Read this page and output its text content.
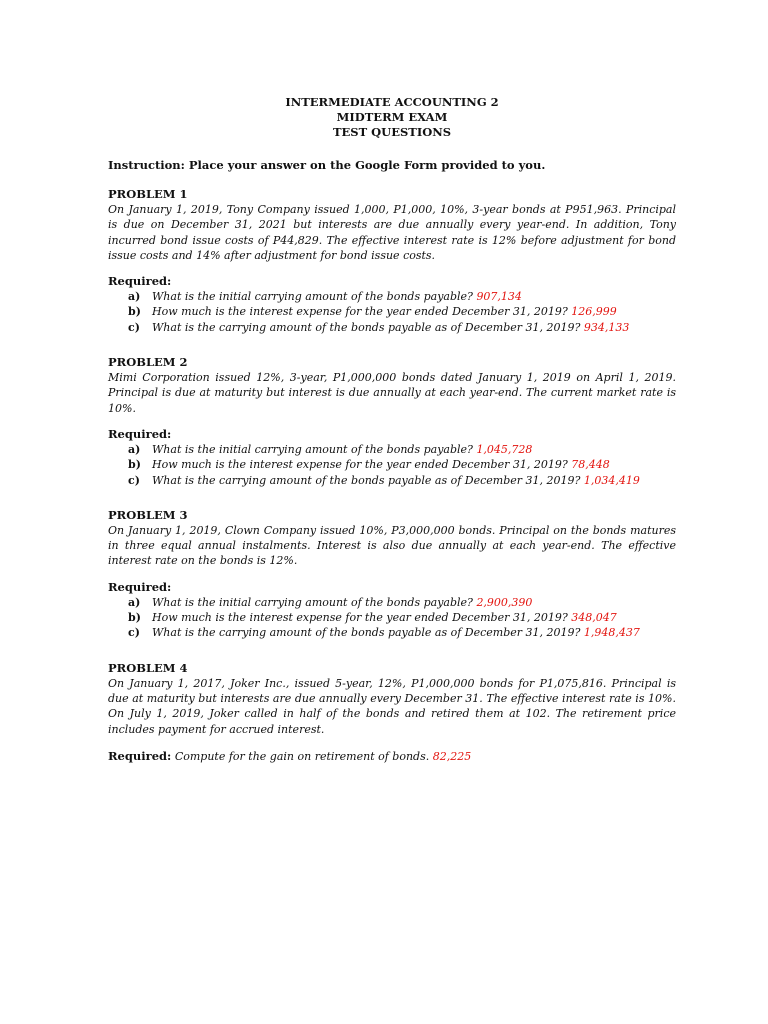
INTERMEDIATE ACCOUNTING 2
MIDTERM EXAM
TEST QUESTIONS
Instruction: Place your answer on the Google Form provided to you.
PROBLEM 1
On January 1, 2019, Tony Company issued 1,000, P1,000, 10%, 3-year bonds at P951,963. Principal is due on December 31, 2021 but interests are due annually every year-end. In addition, Tony incurred bond issue costs of P44,829. The effective interest rate is 12% before adjustment for bond issue costs and 14% after adjustment for bond issue costs.
Required:
a) What is the initial carrying amount of the bonds payable? 907,134
b) How much is the interest expense for the year ended December 31, 2019? 126,999
c) What is the carrying amount of the bonds payable as of December 31, 2019? 934,133
PROBLEM 2
Mimi Corporation issued 12%, 3-year, P1,000,000 bonds dated January 1, 2019 on April 1, 2019. Principal is due at maturity but interest is due annually at each year-end. The current market rate is 10%.
Required:
a) What is the initial carrying amount of the bonds payable? 1,045,728
b) How much is the interest expense for the year ended December 31, 2019? 78,448
c) What is the carrying amount of the bonds payable as of December 31, 2019? 1,034,419
PROBLEM 3
On January 1, 2019, Clown Company issued 10%, P3,000,000 bonds. Principal on the bonds matures in three equal annual instalments. Interest is also due annually at each year-end. The effective interest rate on the bonds is 12%.
Required:
a) What is the initial carrying amount of the bonds payable? 2,900,390
b) How much is the interest expense for the year ended December 31, 2019? 348,047
c) What is the carrying amount of the bonds payable as of December 31, 2019? 1,948,437
PROBLEM 4
On January 1, 2017, Joker Inc., issued 5-year, 12%, P1,000,000 bonds for P1,075,816. Principal is due at maturity but interests are due annually every December 31. The effective interest rate is 10%. On July 1, 2019, Joker called in half of the bonds and retired them at 102. The retirement price includes payment for accrued interest.
Required: Compute for the gain on retirement of bonds. 82,225
